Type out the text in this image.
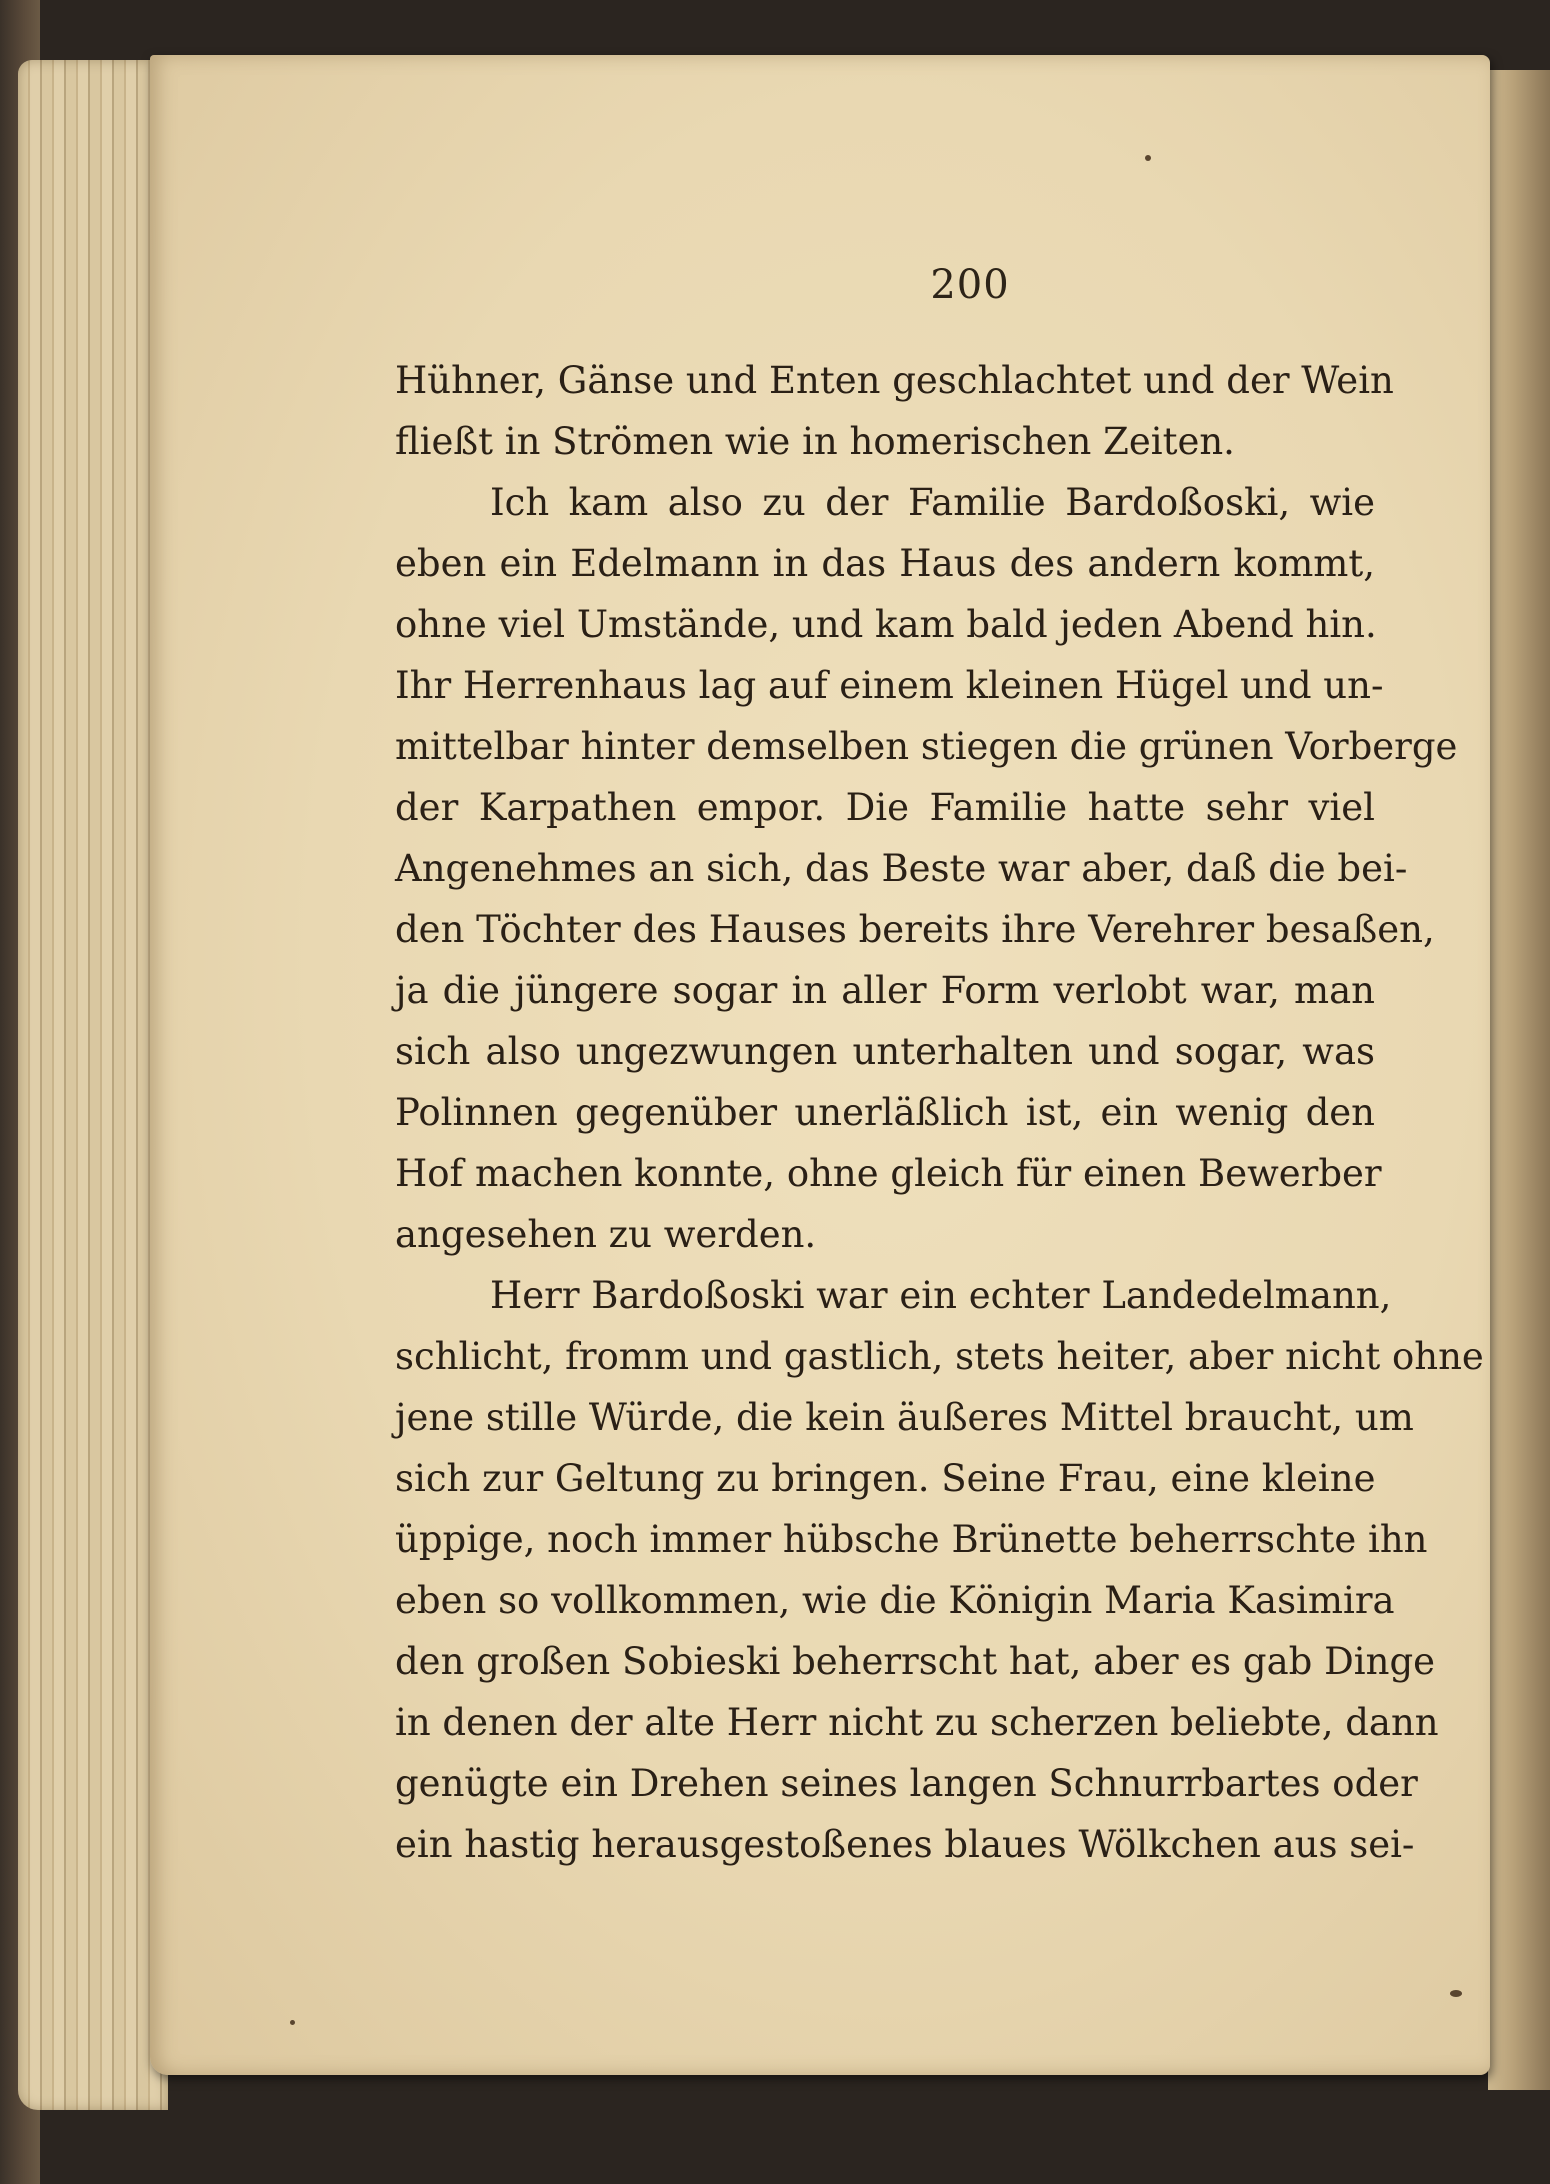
200
Hühner, Gänse und Enten geschlachtet und der Wein
fließt in Strömen wie in homerischen Zeiten.
Ich kam also zu der Familie Bardoßoski, wie
eben ein Edelmann in das Haus des andern kommt,
ohne viel Umstände, und kam bald jeden Abend hin.
Ihr Herrenhaus lag auf einem kleinen Hügel und un-
mittelbar hinter demselben stiegen die grünen Vorberge
der Karpathen empor. Die Familie hatte sehr viel
Angenehmes an sich, das Beste war aber, daß die bei-
den Töchter des Hauses bereits ihre Verehrer besaßen,
ja die jüngere sogar in aller Form verlobt war, man
sich also ungezwungen unterhalten und sogar, was
Polinnen gegenüber unerläßlich ist, ein wenig den
Hof machen konnte, ohne gleich für einen Bewerber
angesehen zu werden.
Herr Bardoßoski war ein echter Landedelmann,
schlicht, fromm und gastlich, stets heiter, aber nicht ohne
jene stille Würde, die kein äußeres Mittel braucht, um
sich zur Geltung zu bringen. Seine Frau, eine kleine
üppige, noch immer hübsche Brünette beherrschte ihn
eben so vollkommen, wie die Königin Maria Kasimira
den großen Sobieski beherrscht hat, aber es gab Dinge
in denen der alte Herr nicht zu scherzen beliebte, dann
genügte ein Drehen seines langen Schnurrbartes oder
ein hastig herausgestoßenes blaues Wölkchen aus sei-
